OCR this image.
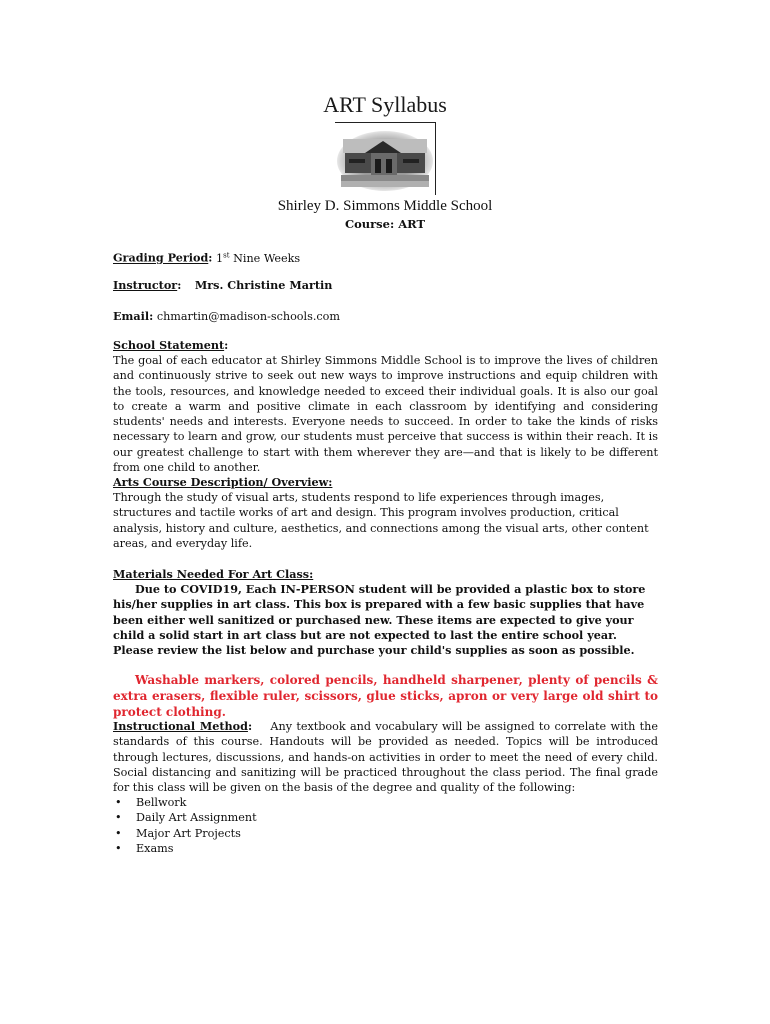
ART Syllabus
Shirley D. Simmons Middle School
Course: ART
Grading Period: 1st Nine Weeks
Instructor: Mrs. Christine Martin
Email: chmartin@madison-schools.com
School Statement:
The goal of each educator at Shirley Simmons Middle School is to improve the lives of children and continuously strive to seek out new ways to improve instructions and equip children with the tools, resources, and knowledge needed to exceed their individual goals. It is also our goal to create a warm and positive climate in each classroom by identifying and considering students' needs and interests. Everyone needs to succeed. In order to take the kinds of risks necessary to learn and grow, our students must perceive that success is within their reach. It is our greatest challenge to start with them wherever they are—and that is likely to be different from one child to another.
Arts Course Description/ Overview:
Through the study of visual arts, students respond to life experiences through images, structures and tactile works of art and design. This program involves production, critical analysis, history and culture, aesthetics, and connections among the visual arts, other content areas, and everyday life.
Materials Needed For Art Class:
Due to COVID19, Each IN-PERSON student will be provided a plastic box to store his/her supplies in art class. This box is prepared with a few basic supplies that have been either well sanitized or purchased new. These items are expected to give your child a solid start in art class but are not expected to last the entire school year. Please review the list below and purchase your child's supplies as soon as possible.
Washable markers, colored pencils, handheld sharpener, plenty of pencils & extra erasers, flexible ruler, scissors, glue sticks, apron or very large old shirt to protect clothing.
Instructional Method: Any textbook and vocabulary will be assigned to correlate with the standards of this course. Handouts will be provided as needed. Topics will be introduced through lectures, discussions, and hands-on activities in order to meet the need of every child. Social distancing and sanitizing will be practiced throughout the class period. The final grade for this class will be given on the basis of the degree and quality of the following:
• Bellwork
• Daily Art Assignment
• Major Art Projects
• Exams
